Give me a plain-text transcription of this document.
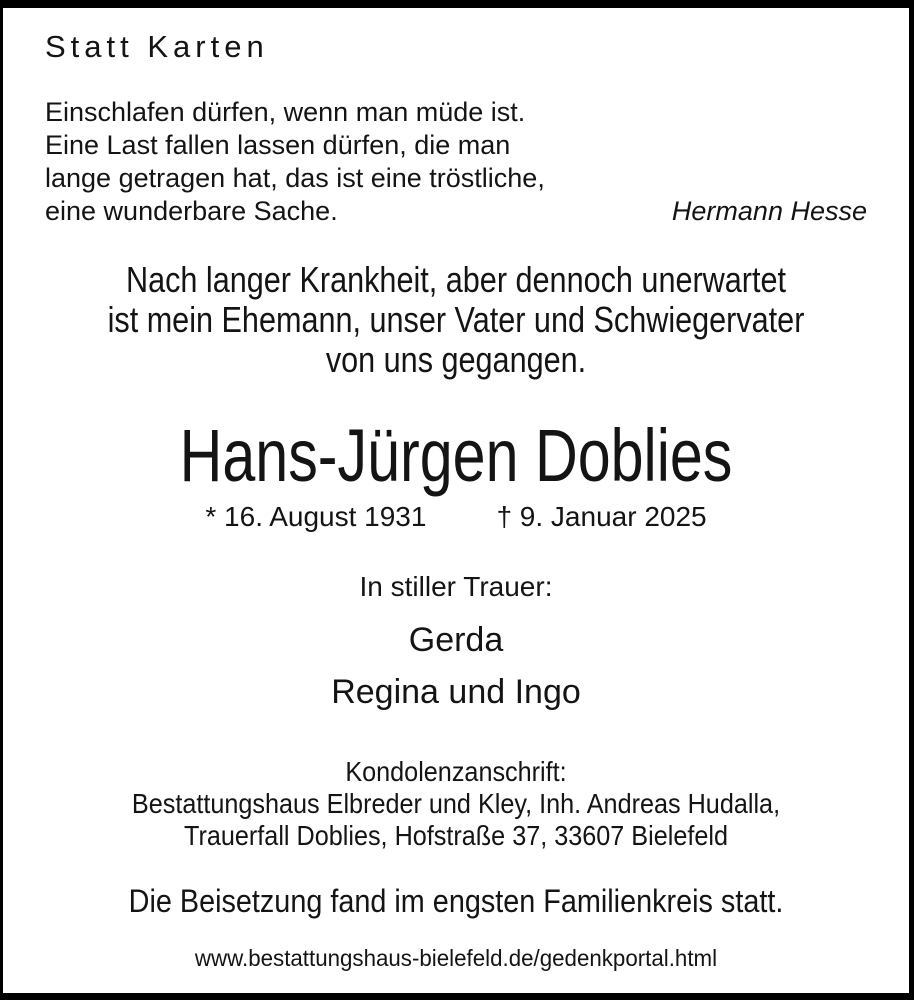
Statt Karten
Einschlafen dürfen, wenn man müde ist.
Eine Last fallen lassen dürfen, die man
lange getragen hat, das ist eine tröstliche,
eine wunderbare Sache.	Hermann Hesse
Nach langer Krankheit, aber dennoch unerwartet
ist mein Ehemann, unser Vater und Schwiegervater
von uns gegangen.
Hans-Jürgen Doblies
* 16. August 1931	† 9. Januar 2025
In stiller Trauer:
Gerda
Regina und Ingo
Kondolenzanschrift:
Bestattungshaus Elbreder und Kley, Inh. Andreas Hudalla,
Trauerfall Doblies, Hofstraße 37, 33607 Bielefeld
Die Beisetzung fand im engsten Familienkreis statt.
www.bestattungshaus-bielefeld.de/gedenkportal.html
